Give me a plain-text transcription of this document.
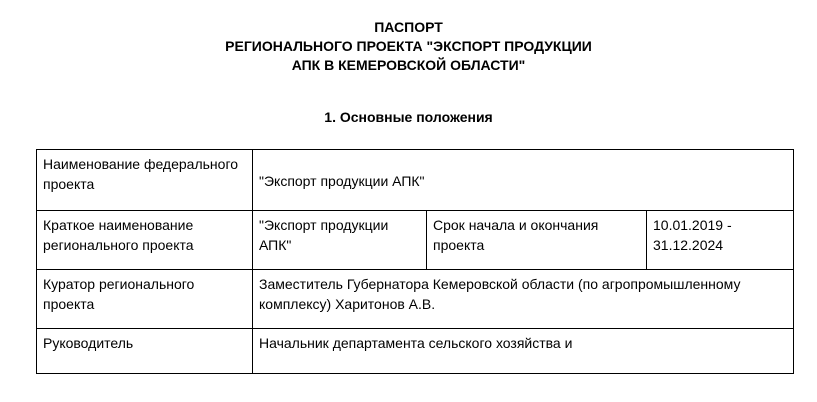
ПАСПОРТ
РЕГИОНАЛЬНОГО ПРОЕКТА "ЭКСПОРТ ПРОДУКЦИИ
АПК В КЕМЕРОВСКОЙ ОБЛАСТИ"
1. Основные положения
Наименование федерального проекта	"Экспорт продукции АПК"		
Краткое наименование регионального проекта	"Экспорт продукции АПК"	Срок начала и окончания проекта	10.01.2019 - 31.12.2024
Куратор регионального проекта	Заместитель Губернатора Кемеровской области (по агропромышленному комплексу) Харитонов А.В.		
Руководитель	Начальник департамента сельского хозяйства и		
